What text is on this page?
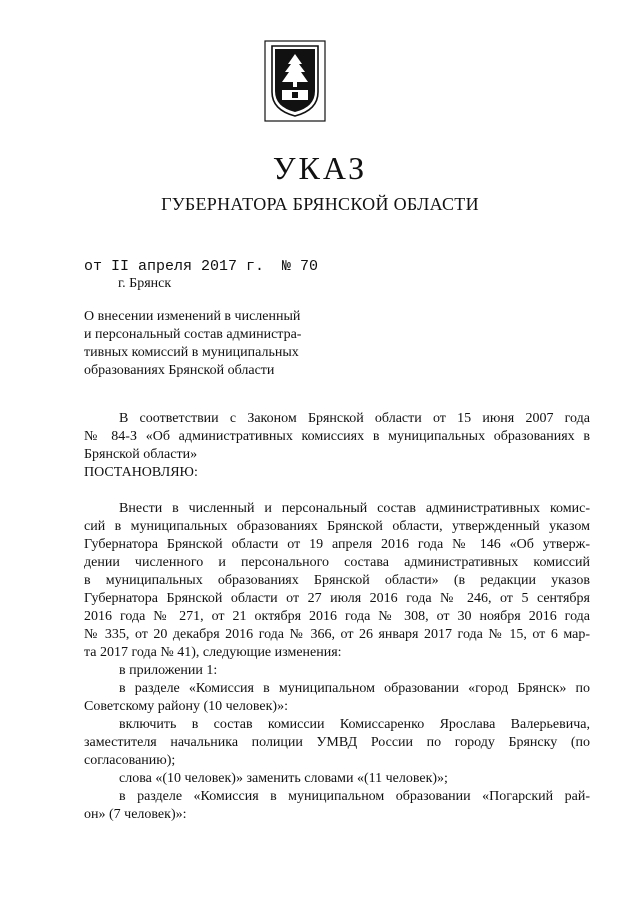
УКАЗ
ГУБЕРНАТОРА БРЯНСКОЙ ОБЛАСТИ
от II апреля 2017 г. № 70
г. Брянск
О внесении изменений в численный
и персональный состав администра-
тивных комиссий в муниципальных
образованиях Брянской области
В соответствии с Законом Брянской области от 15 июня 2007 года
№ 84-З «Об административных комиссиях в муниципальных образованиях в
Брянской области»
ПОСТАНОВЛЯЮ:
Внести в численный и персональный состав административных комис-
сий в муниципальных образованиях Брянской области, утвержденный указом
Губернатора Брянской области от 19 апреля 2016 года № 146 «Об утверж-
дении численного и персонального состава административных комиссий
в муниципальных образованиях Брянской области» (в редакции указов
Губернатора Брянской области от 27 июля 2016 года № 246, от 5 сентября
2016 года № 271, от 21 октября 2016 года № 308, от 30 ноября 2016 года
№ 335, от 20 декабря 2016 года № 366, от 26 января 2017 года № 15, от 6 мар-
та 2017 года № 41), следующие изменения:
в приложении 1:
в разделе «Комиссия в муниципальном образовании «город Брянск» по
Советскому району (10 человек)»:
включить в состав комиссии Комиссаренко Ярослава Валерьевича,
заместителя начальника полиции УМВД России по городу Брянску (по
согласованию);
слова «(10 человек)» заменить словами «(11 человек)»;
в разделе «Комиссия в муниципальном образовании «Погарский рай-
он» (7 человек)»:
